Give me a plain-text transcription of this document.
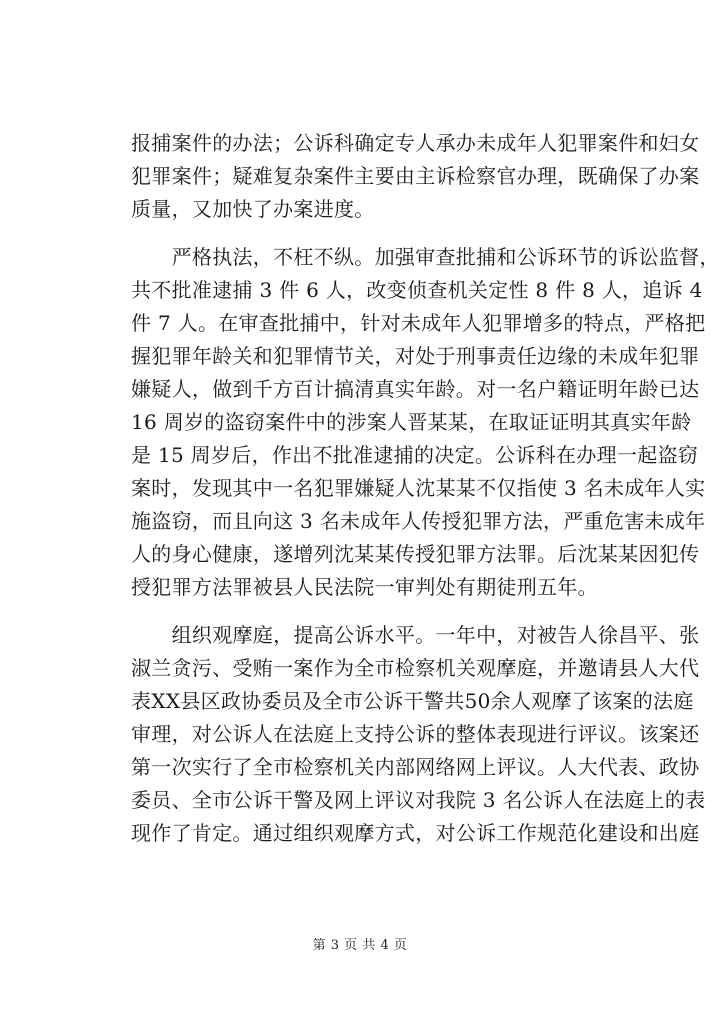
报捕案件的办法；公诉科确定专人承办未成年人犯罪案件和妇女
犯罪案件；疑难复杂案件主要由主诉检察官办理，既确保了办案
质量，又加快了办案进度。
　　严格执法，不枉不纵。加强审查批捕和公诉环节的诉讼监督，
共不批准逮捕 3 件 6 人，改变侦查机关定性 8 件 8 人，追诉 4
件 7 人。在审查批捕中，针对未成年人犯罪增多的特点，严格把
握犯罪年龄关和犯罪情节关，对处于刑事责任边缘的未成年犯罪
嫌疑人，做到千方百计搞清真实年龄。对一名户籍证明年龄已达
16 周岁的盗窃案件中的涉案人晋某某，在取证证明其真实年龄
是 15 周岁后，作出不批准逮捕的决定。公诉科在办理一起盗窃
案时，发现其中一名犯罪嫌疑人沈某某不仅指使 3 名未成年人实
施盗窃，而且向这 3 名未成年人传授犯罪方法，严重危害未成年
人的身心健康，遂增列沈某某传授犯罪方法罪。后沈某某因犯传
授犯罪方法罪被县人民法院一审判处有期徒刑五年。
　　组织观摩庭，提高公诉水平。一年中，对被告人徐昌平、张
淑兰贪污、受贿一案作为全市检察机关观摩庭，并邀请县人大代
表XX县区政协委员及全市公诉干警共50余人观摩了该案的法庭
审理，对公诉人在法庭上支持公诉的整体表现进行评议。该案还
第一次实行了全市检察机关内部网络网上评议。人大代表、政协
委员、全市公诉干警及网上评议对我院 3 名公诉人在法庭上的表
现作了肯定。通过组织观摩方式，对公诉工作规范化建设和出庭
第 3 页 共 4 页
